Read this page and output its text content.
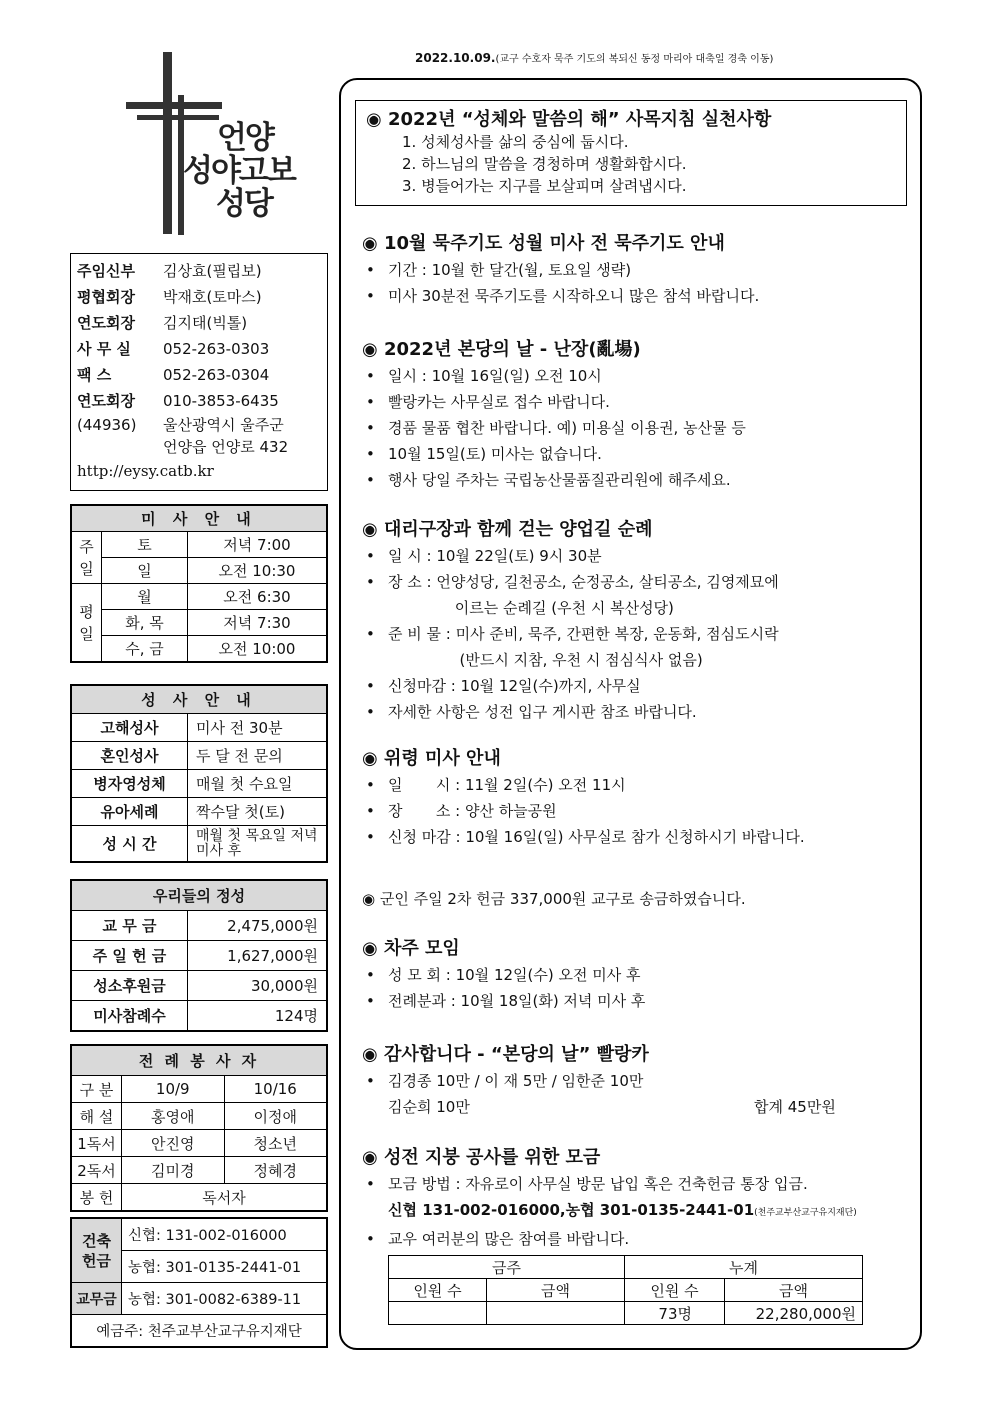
2022.10.09.(교구 수호자 묵주 기도의 복되신 동정 마리아 대축일 경축 이동)
언양
성야고보
성당
주임신부 김상효(필립보)
평협회장 박재호(토마스)
연도회장 김지태(빅톨)
사 무 실 052-263-0303
팩 스	052-263-0304
연도회장 010-3853-6435
(44936) 울산광역시 울주군
언양읍 언양로 432
http://eysy.catb.kr
미 사 안 내		
주일	토	저녁 7:00
	일	오전 10:30
평일	월	오전 6:30
	화, 목	저녁 7:30
	수, 금	오전 10:00
성 사 안 내	
고해성사	미사 전 30분
혼인성사	두 달 전 문의
병자영성체	매월 첫 수요일
유아세례	짝수달 첫(토)
성 시 간	매월 첫 목요일 저녁미사 후
우리들의 정성	
교 무 금	2,475,000원
주 일 헌 금	1,627,000원
성소후원금	30,000원
미사참례수	124명
전 례 봉 사 자		
구 분	10/9	10/16
해 설	홍영애	이정애
1독서	안진영	청소년
2독서	김미경	정혜경
봉 헌	독서자	
건축헌금	신협: 131-002-016000
	농협: 301-0135-2441-01
교무금	농협: 301-0082-6389-11
예금주: 천주교부산교구유지재단	
◉ 2022년 “성체와 말씀의 해” 사목지침 실천사항
1. 성체성사를 삶의 중심에 둡시다.
2. 하느님의 말씀을 경청하며 생활화합시다.
3. 병들어가는 지구를 보살피며 살려냅시다.
◉ 10월 묵주기도 성월 미사 전 묵주기도 안내
• 기간 : 10월 한 달간(월, 토요일 생략)
• 미사 30분전 묵주기도를 시작하오니 많은 참석 바랍니다.
◉ 2022년 본당의 날 - 난장(亂場)
• 일시 : 10월 16일(일) 오전 10시
• 빨랑카는 사무실로 접수 바랍니다.
• 경품 물품 협찬 바랍니다. 예) 미용실 이용권, 농산물 등
• 10월 15일(토) 미사는 없습니다.
• 행사 당일 주차는 국립농산물품질관리원에 해주세요.
◉ 대리구장과 함께 걷는 양업길 순례
• 일 시 : 10월 22일(토) 9시 30분
• 장 소 : 언양성당, 길천공소, 순정공소, 살티공소, 김영제묘에
이르는 순례길 (우천 시 복산성당)
• 준 비 물 : 미사 준비, 묵주, 간편한 복장, 운동화, 점심도시락
(반드시 지참, 우천 시 점심식사 없음)
• 신청마감 : 10월 12일(수)까지, 사무실
• 자세한 사항은 성전 입구 게시판 참조 바랍니다.
◉ 위령 미사 안내
• 일       시 : 11월 2일(수) 오전 11시
• 장       소 : 양산 하늘공원
• 신청 마감 : 10월 16일(일) 사무실로 참가 신청하시기 바랍니다.
◉ 군인 주일 2차 헌금 337,000원 교구로 송금하였습니다.
◉ 차주 모임
• 성 모 회 : 10월 12일(수) 오전 미사 후
• 전례분과 : 10월 18일(화) 저녁 미사 후
◉ 감사합니다 - “본당의 날” 빨랑카
• 김경종 10만 / 이 재 5만 / 임한준 10만
김순희 10만	합계 45만원
◉ 성전 지붕 공사를 위한 모금
• 모금 방법 : 자유로이 사무실 방문 납입 혹은 건축헌금 통장 입금.
신협 131-002-016000,농협 301-0135-2441-01(천주교부산교구유지재단)
• 교우 여러분의 많은 참여를 바랍니다.
금주		누계	
인원 수	금액	인원 수	금액
		73명	22,280,000원
